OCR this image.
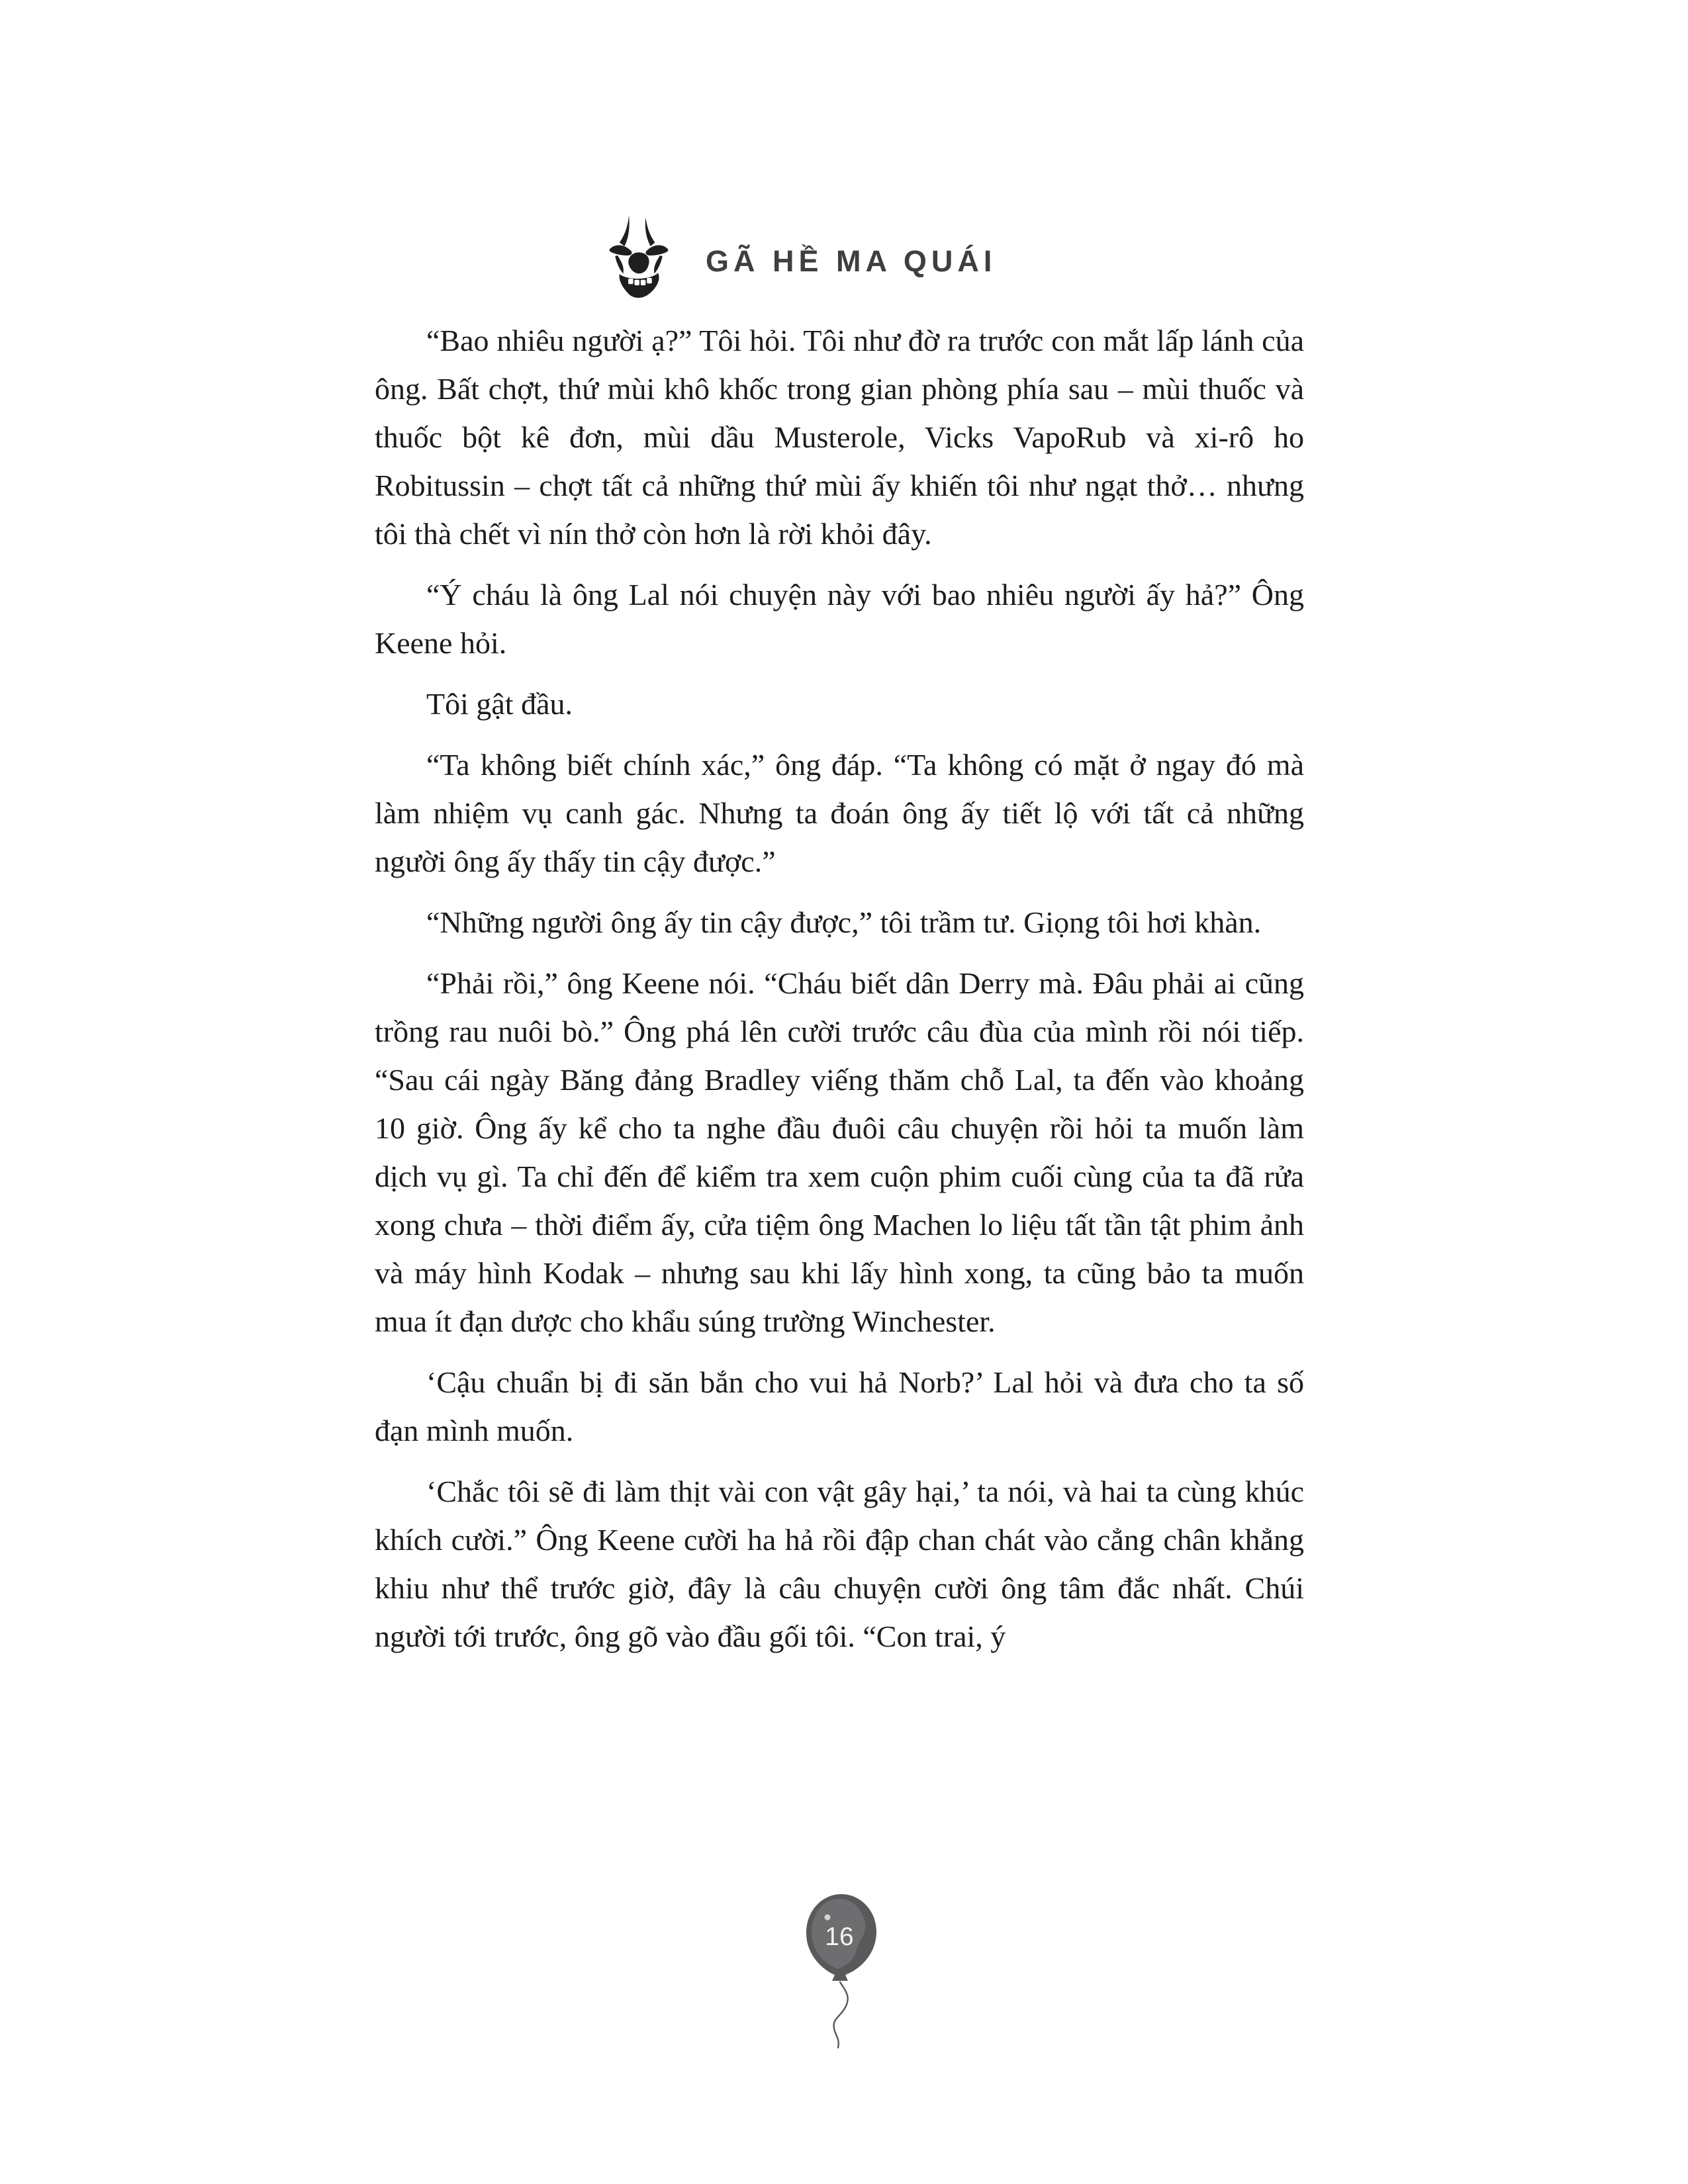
GÃ HỀ MA QUÁI

“Bao nhiêu người ạ?” Tôi hỏi. Tôi như đờ ra trước con mắt lấp lánh của ông. Bất chợt, thứ mùi khô khốc trong gian phòng phía sau – mùi thuốc và thuốc bột kê đơn, mùi dầu Musterole, Vicks VapoRub và xi-rô ho Robitussin – chợt tất cả những thứ mùi ấy khiến tôi như ngạt thở… nhưng tôi thà chết vì nín thở còn hơn là rời khỏi đây.

“Ý cháu là ông Lal nói chuyện này với bao nhiêu người ấy hả?” Ông Keene hỏi.

Tôi gật đầu.

“Ta không biết chính xác,” ông đáp. “Ta không có mặt ở ngay đó mà làm nhiệm vụ canh gác. Nhưng ta đoán ông ấy tiết lộ với tất cả những người ông ấy thấy tin cậy được.”

“Những người ông ấy tin cậy được,” tôi trầm tư. Giọng tôi hơi khàn.

“Phải rồi,” ông Keene nói. “Cháu biết dân Derry mà. Đâu phải ai cũng trồng rau nuôi bò.” Ông phá lên cười trước câu đùa của mình rồi nói tiếp. “Sau cái ngày Băng đảng Bradley viếng thăm chỗ Lal, ta đến vào khoảng 10 giờ. Ông ấy kể cho ta nghe đầu đuôi câu chuyện rồi hỏi ta muốn làm dịch vụ gì. Ta chỉ đến để kiểm tra xem cuộn phim cuối cùng của ta đã rửa xong chưa – thời điểm ấy, cửa tiệm ông Machen lo liệu tất tần tật phim ảnh và máy hình Kodak – nhưng sau khi lấy hình xong, ta cũng bảo ta muốn mua ít đạn dược cho khẩu súng trường Winchester.

‘Cậu chuẩn bị đi săn bắn cho vui hả Norb?’ Lal hỏi và đưa cho ta số đạn mình muốn.

‘Chắc tôi sẽ đi làm thịt vài con vật gây hại,’ ta nói, và hai ta cùng khúc khích cười.” Ông Keene cười ha hả rồi đập chan chát vào cẳng chân khẳng khiu như thể trước giờ, đây là câu chuyện cười ông tâm đắc nhất. Chúi người tới trước, ông gõ vào đầu gối tôi. “Con trai, ý

16
